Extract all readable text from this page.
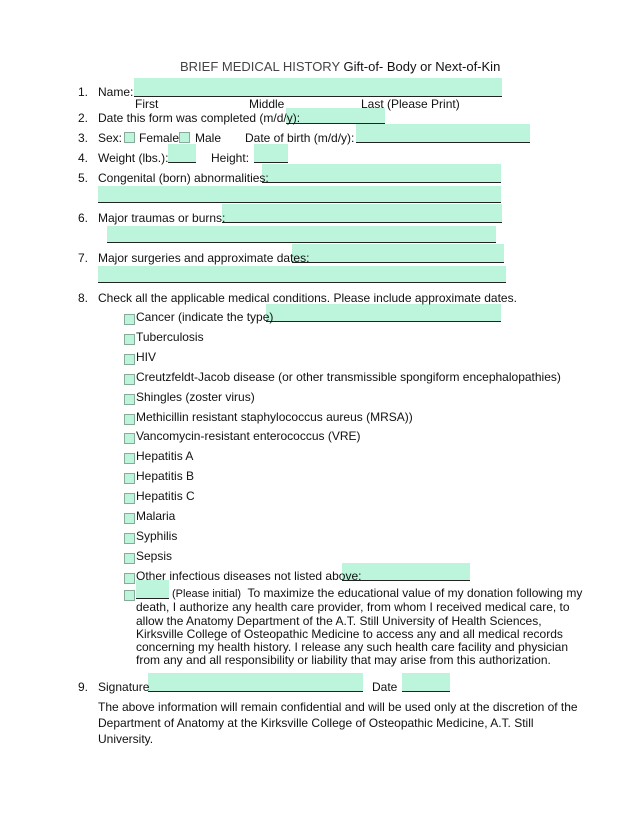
BRIEF MEDICAL HISTORY Gift-of- Body or Next-of-Kin
1. Name:
First	Middle	Last (Please Print)
2. Date this form was completed (m/d/y):
3. Sex: Female Male Date of birth (m/d/y):
4. Weight (lbs.):	Height:
5. Congenital (born) abnormalities:
6. Major traumas or burns:
7. Major surgeries and approximate dates:
8. Check all the applicable medical conditions. Please include approximate dates.
Cancer (indicate the type)
Tuberculosis
HIV
Creutzfeldt-Jacob disease (or other transmissible spongiform encephalopathies)
Shingles (zoster virus)
Methicillin resistant staphylococcus aureus (MRSA))
Vancomycin-resistant enterococcus (VRE)
Hepatitis A
Hepatitis B
Hepatitis C
Malaria
Syphilis
Sepsis
Other infectious diseases not listed above:
(Please initial) To maximize the educational value of my donation following my death, I authorize any health care provider, from whom I received medical care, to allow the Anatomy Department of the A.T. Still University of Health Sciences, Kirksville College of Osteopathic Medicine to access any and all medical records concerning my health history. I release any such health care facility and physician from any and all responsibility or liability that may arise from this authorization.
9. Signature	Date
The above information will remain confidential and will be used only at the discretion of the Department of Anatomy at the Kirksville College of Osteopathic Medicine, A.T. Still University.
